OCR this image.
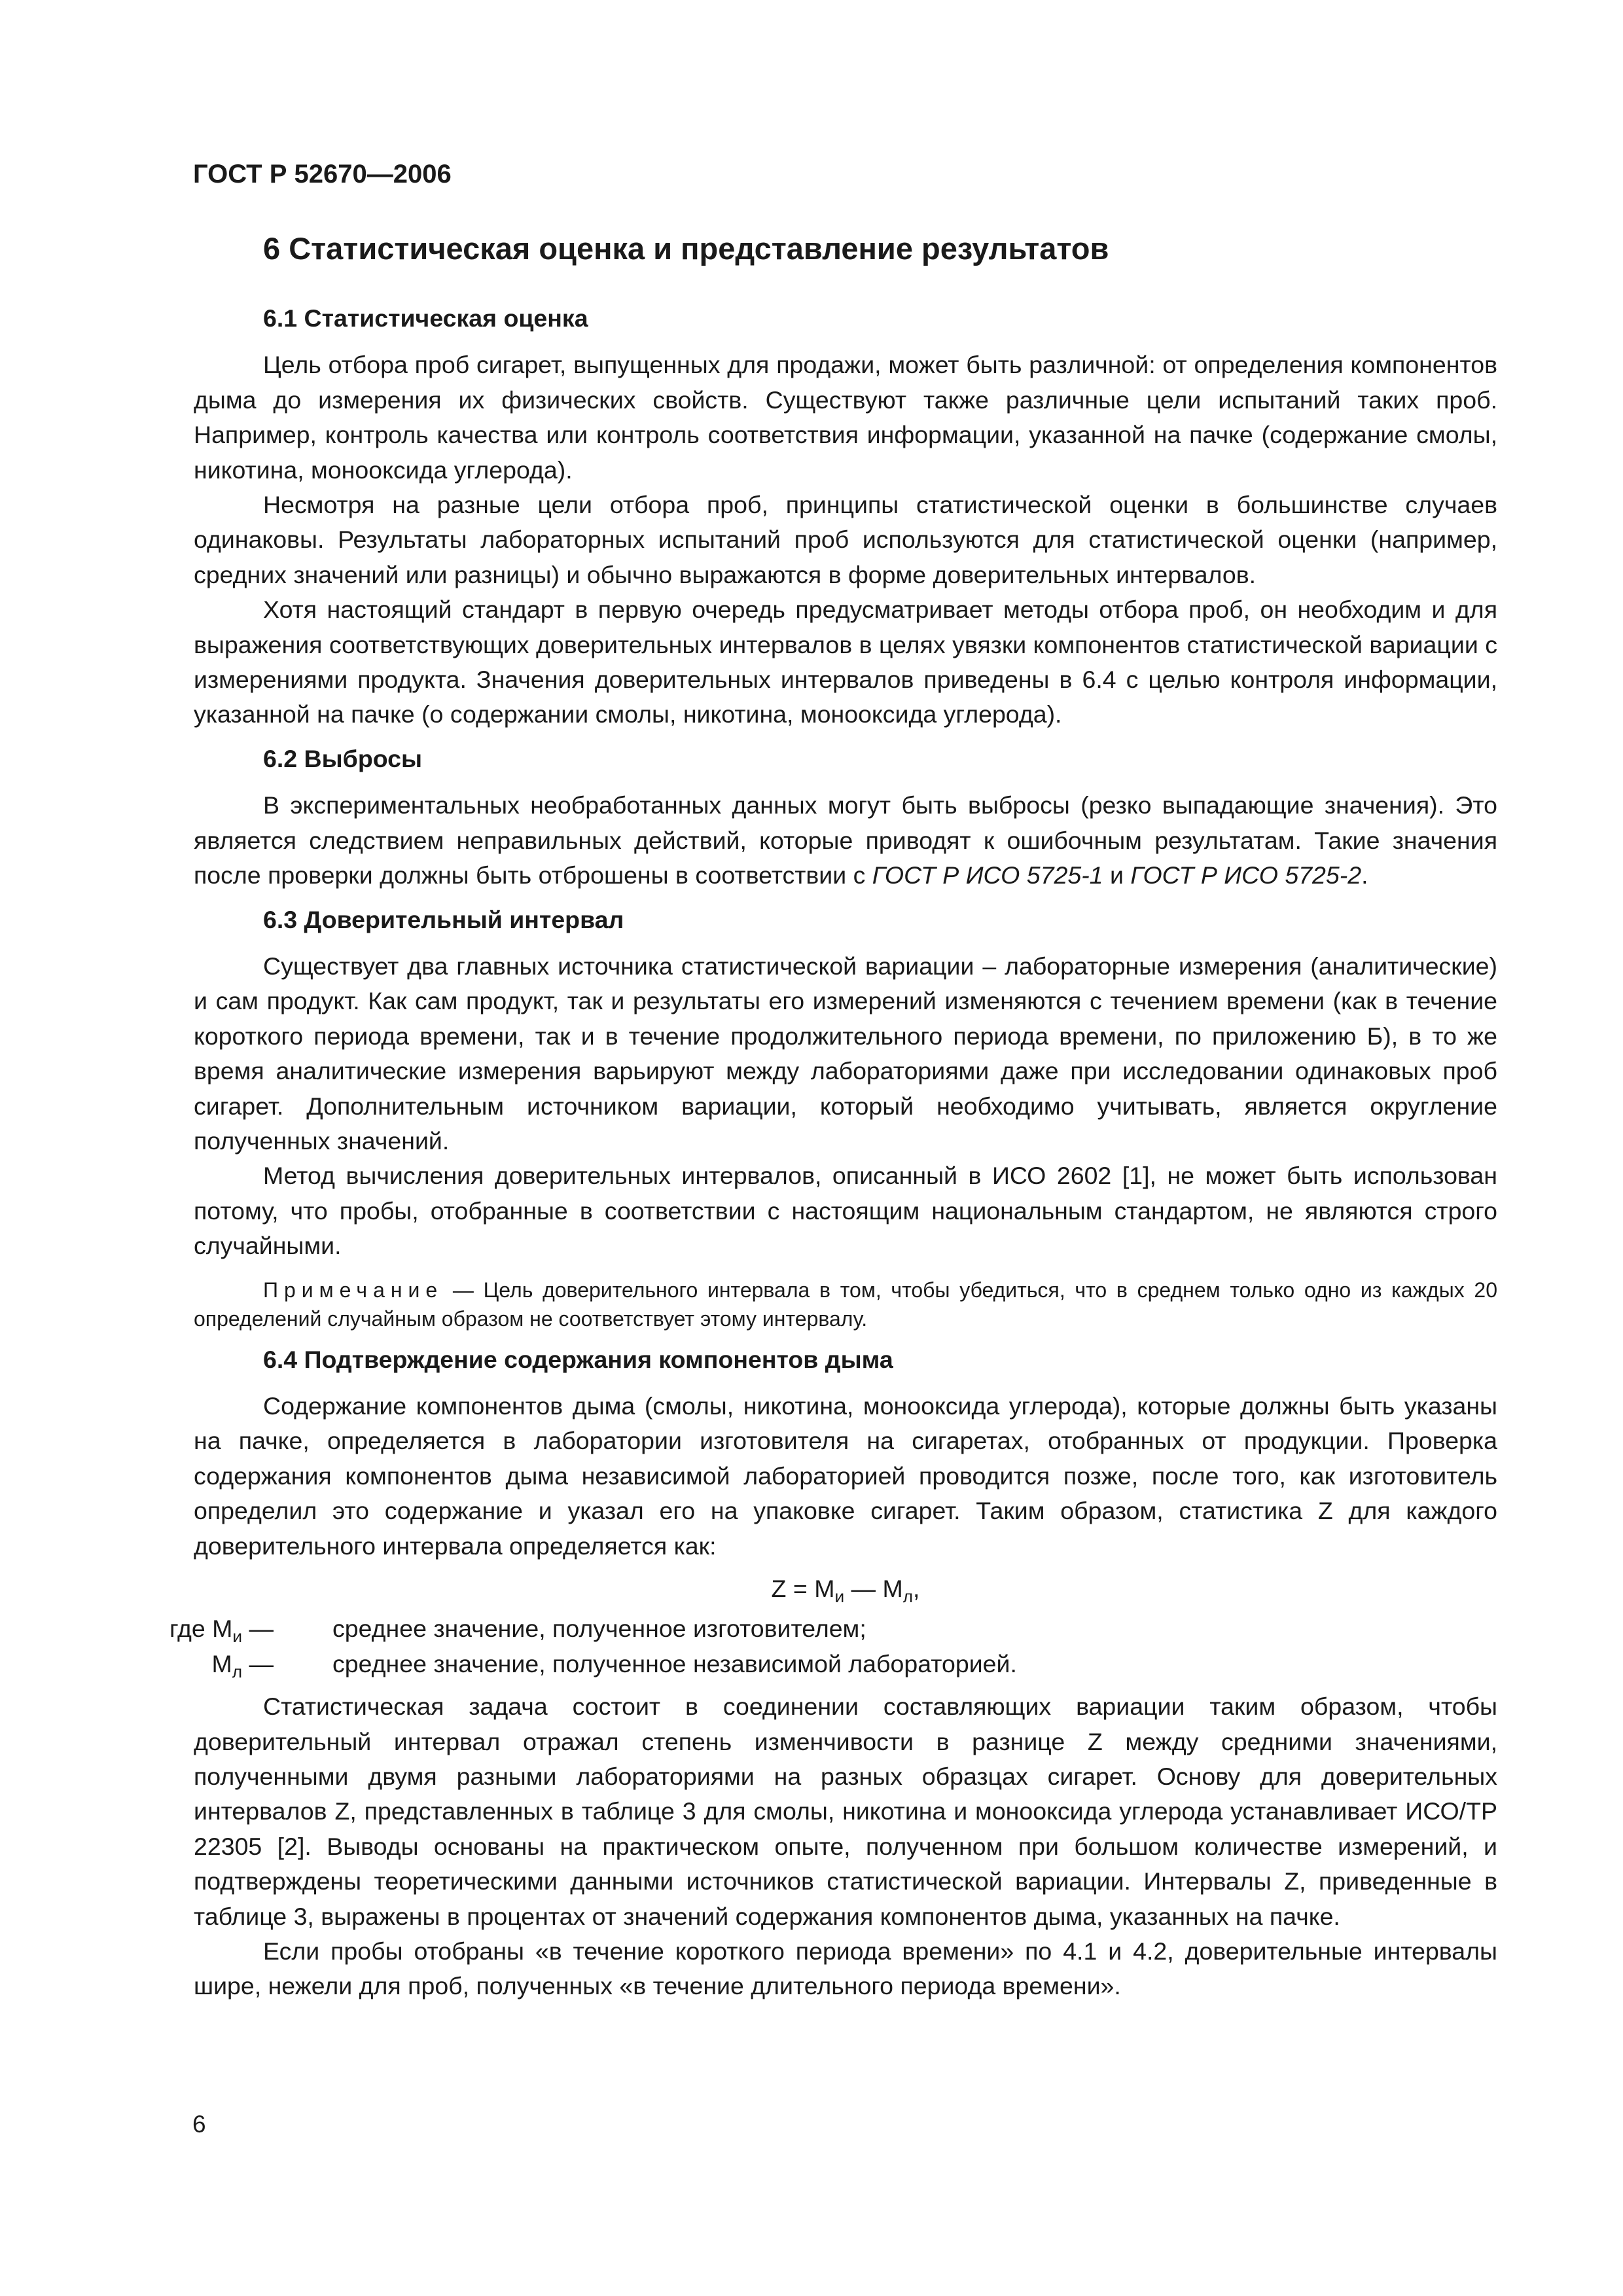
ГОСТ Р 52670—2006

6 Статистическая оценка и представление результатов
6.1 Статистическая оценка

Цель отбора проб сигарет, выпущенных для продажи, может быть различной: от определения компонентов дыма до измерения их физических свойств. Существуют также различные цели испытаний таких проб. Например, контроль качества или контроль соответствия информации, указанной на пачке (содержание смолы, никотина, монооксида углерода).

Несмотря на разные цели отбора проб, принципы статистической оценки в большинстве случаев одинаковы. Результаты лабораторных испытаний проб используются для статистической оценки (например, средних значений или разницы) и обычно выражаются в форме доверительных интервалов.

Хотя настоящий стандарт в первую очередь предусматривает методы отбора проб, он необходим и для выражения соответствующих доверительных интервалов в целях увязки компонентов статистической вариации с измерениями продукта. Значения доверительных интервалов приведены в 6.4 с целью контроля информации, указанной на пачке (о содержании смолы, никотина, монооксида углерода).

6.2 Выбросы

В экспериментальных необработанных данных могут быть выбросы (резко выпадающие значения). Это является следствием неправильных действий, которые приводят к ошибочным результатам. Такие значения после проверки должны быть отброшены в соответствии с ГОСТ Р ИСО 5725-1 и ГОСТ Р ИСО 5725-2.

6.3 Доверительный интервал

Существует два главных источника статистической вариации – лабораторные измерения (аналитические) и сам продукт. Как сам продукт, так и результаты его измерений изменяются с течением времени (как в течение короткого периода времени, так и в течение продолжительного периода времени, по приложению Б), в то же время аналитические измерения варьируют между лабораториями даже при исследовании одинаковых проб сигарет. Дополнительным источником вариации, который необходимо учитывать, является округление полученных значений.

Метод вычисления доверительных интервалов, описанный в ИСО 2602 [1], не может быть использован потому, что пробы, отобранные в соответствии с настоящим национальным стандартом, не являются строго случайными.

Примечание — Цель доверительного интервала в том, чтобы убедиться, что в среднем только одно из каждых 20 определений случайным образом не соответствует этому интервалу.

6.4 Подтверждение содержания компонентов дыма

Содержание компонентов дыма (смолы, никотина, монооксида углерода), которые должны быть указаны на пачке, определяется в лаборатории изготовителя на сигаретах, отобранных от продукции. Проверка содержания компонентов дыма независимой лабораторией проводится позже, после того, как изготовитель определил это содержание и указал его на упаковке сигарет. Таким образом, статистика Z для каждого доверительного интервала определяется как:

$Z = M_и$ — $M_л$,
где $M_и$ — среднее значение, полученное изготовителем;
$M_л$ — среднее значение, полученное независимой лабораторией.

Статистическая задача состоит в соединении составляющих вариации таким образом, чтобы доверительный интервал отражал степень изменчивости в разнице Z между средними значениями, полученными двумя разными лабораториями на разных образцах сигарет. Основу для доверительных интервалов Z, представленных в таблице 3 для смолы, никотина и монооксида углерода устанавливает ИСО/ТР 22305 [2]. Выводы основаны на практическом опыте, полученном при большом количестве измерений, и подтверждены теоретическими данными источников статистической вариации. Интервалы Z, приведенные в таблице 3, выражены в процентах от значений содержания компонентов дыма, указанных на пачке.

Если пробы отобраны «в течение короткого периода времени» по 4.1 и 4.2, доверительные интервалы шире, нежели для проб, полученных «в течение длительного периода времени».

6
